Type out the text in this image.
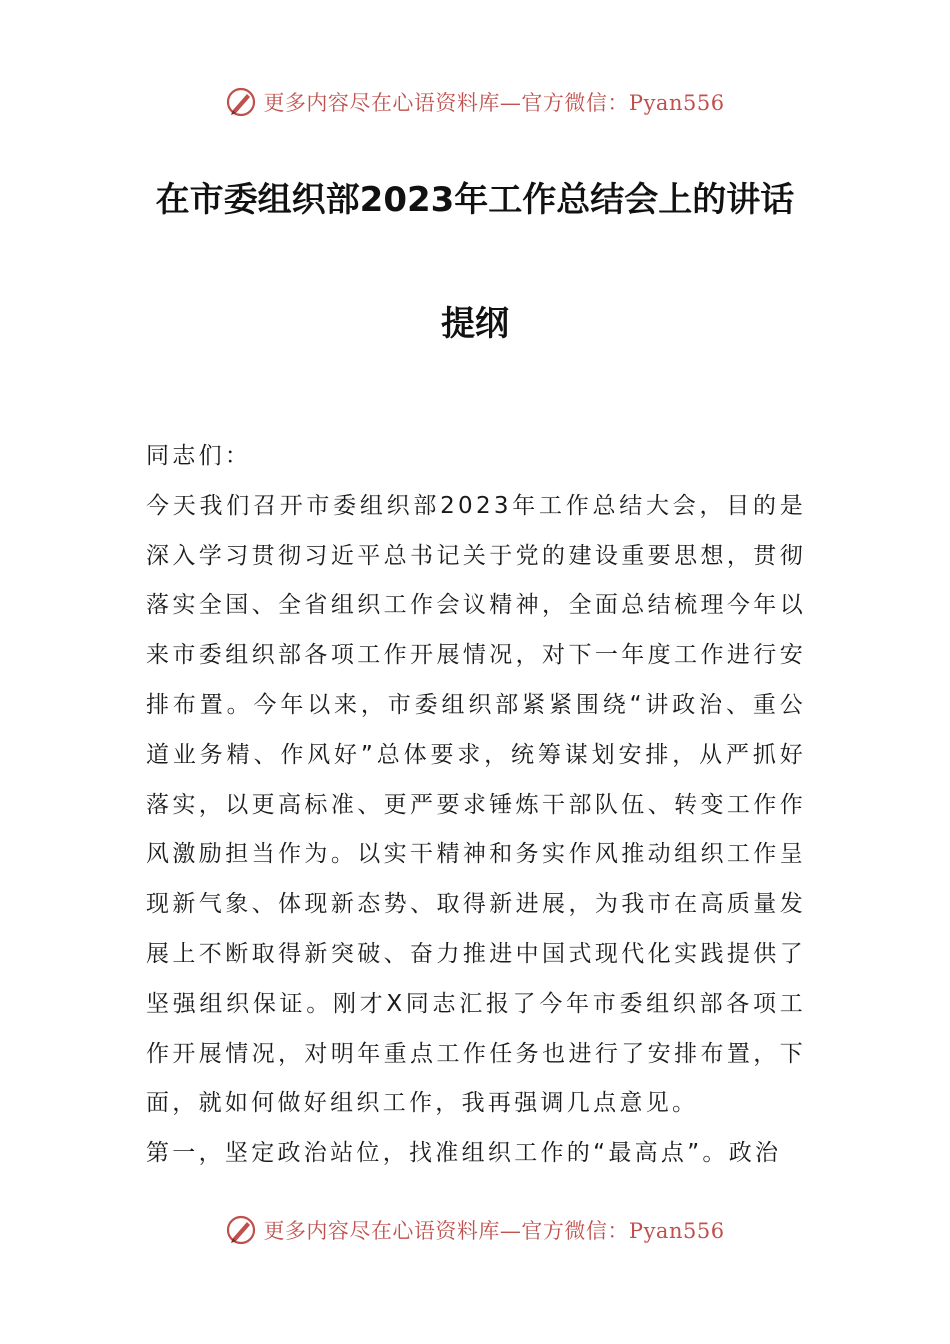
更多内容尽在心语资料库—官方微信：Pyan556
在市委组织部2023年工作总结会上的讲话
提纲

同志们：

今天我们召开市委组织部2023年工作总结大会，目的是深入学习贯彻习近平总书记关于党的建设重要思想，贯彻落实全国、全省组织工作会议精神，全面总结梳理今年以来市委组织部各项工作开展情况，对下一年度工作进行安排布置。今年以来，市委组织部紧紧围绕“讲政治、重公道业务精、作风好”总体要求，统筹谋划安排，从严抓好落实，以更高标准、更严要求锤炼干部队伍、转变工作作风激励担当作为。以实干精神和务实作风推动组织工作呈现新气象、体现新态势、取得新进展，为我市在高质量发展上不断取得新突破、奋力推进中国式现代化实践提供了坚强组织保证。刚才X同志汇报了今年市委组织部各项工作开展情况，对明年重点工作任务也进行了安排布置，下面，就如何做好组织工作，我再强调几点意见。

第一，坚定政治站位，找准组织工作的“最高点”。政治

更多内容尽在心语资料库—官方微信：Pyan556
